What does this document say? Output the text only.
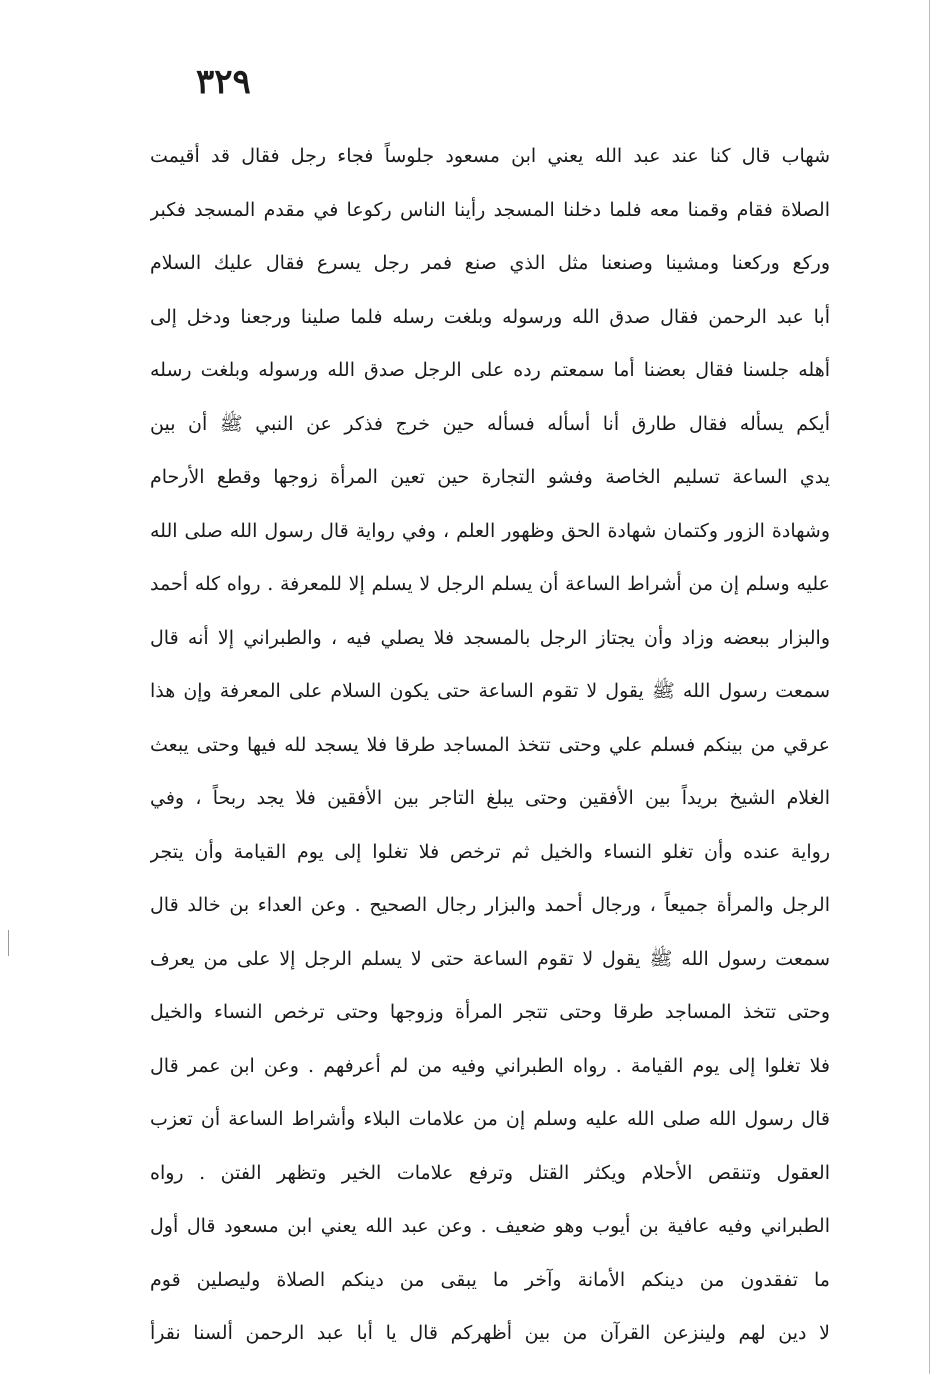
٣٢٩
شهاب قال كنا عند عبد الله يعني ابن مسعود جلوساً فجاء رجل فقال قد أقيمت
الصلاة فقام وقمنا معه فلما دخلنا المسجد رأينا الناس ركوعا في مقدم المسجد فكبر
وركع وركعنا ومشينا وصنعنا مثل الذي صنع فمر رجل يسرع فقال عليك السلام
أبا عبد الرحمن فقال صدق الله ورسوله وبلغت رسله فلما صلينا ورجعنا ودخل إلى
أهله جلسنا فقال بعضنا أما سمعتم رده على الرجل صدق الله ورسوله وبلغت رسله
أيكم يسأله فقال طارق أنا أسأله فسأله حين خرج فذكر عن النبي ﷺ أن بين
يدي الساعة تسليم الخاصة وفشو التجارة حين تعين المرأة زوجها وقطع الأرحام
وشهادة الزور وكتمان شهادة الحق وظهور العلم ، وفي رواية قال رسول الله صلى الله
عليه وسلم إن من أشراط الساعة أن يسلم الرجل لا يسلم إلا للمعرفة . رواه كله أحمد
والبزار ببعضه وزاد وأن يجتاز الرجل بالمسجد فلا يصلي فيه ، والطبراني إلا أنه قال
سمعت رسول الله ﷺ يقول لا تقوم الساعة حتى يكون السلام على المعرفة وإن هذا
عرقي من بينكم فسلم علي وحتى تتخذ المساجد طرقا فلا يسجد لله فيها وحتى يبعث
الغلام الشيخ بريداً بين الأفقين وحتى يبلغ التاجر بين الأفقين فلا يجد ربحاً ، وفي
رواية عنده وأن تغلو النساء والخيل ثم ترخص فلا تغلوا إلى يوم القيامة وأن يتجر
الرجل والمرأة جميعاً ، ورجال أحمد والبزار رجال الصحيح . وعن العداء بن خالد قال
سمعت رسول الله ﷺ يقول لا تقوم الساعة حتى لا يسلم الرجل إلا على من يعرف
وحتى تتخذ المساجد طرقا وحتى تتجر المرأة وزوجها وحتى ترخص النساء والخيل
فلا تغلوا إلى يوم القيامة . رواه الطبراني وفيه من لم أعرفهم . وعن ابن عمر قال
قال رسول الله صلى الله عليه وسلم إن من علامات البلاء وأشراط الساعة أن تعزب
العقول وتنقص الأحلام ويكثر القتل وترفع علامات الخير وتظهر الفتن . رواه
الطبراني وفيه عافية بن أيوب وهو ضعيف . وعن عبد الله يعني ابن مسعود قال أول
ما تفقدون من دينكم الأمانة وآخر ما يبقى من دينكم الصلاة وليصلين قوم
لا دين لهم ولينزعن القرآن من بين أظهركم قال يا أبا عبد الرحمن ألسنا نقرأ
